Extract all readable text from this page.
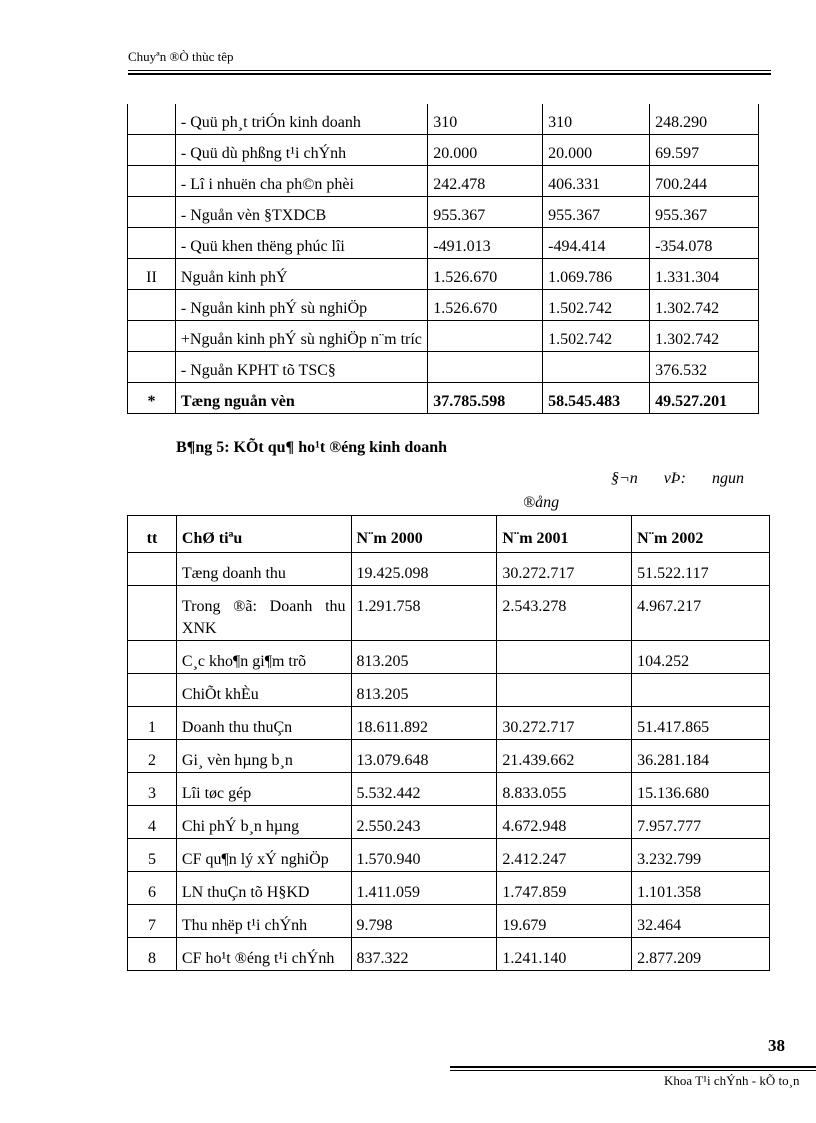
Chuyªn ®Ò thùc têp
	- Quü ph¸t triÓn kinh doanh	310	310	248.290
	- Quü dù phßng t¹i chÝnh	20.000	20.000	69.597
	- Lî i nhuën cha ph©n phèi	242.478	406.331	700.244
	- Nguån vèn §TXDCB	955.367	955.367	955.367
	- Quü khen thëng phúc lîi	-491.013	-494.414	-354.078
II	Nguån kinh phÝ	1.526.670	1.069.786	1.331.304
	- Nguån kinh phÝ sù nghiÖp	1.526.670	1.502.742	1.302.742
	+Nguån kinh phÝ sù nghiÖp n¨m tríc		1.502.742	1.302.742
	- Nguån KPHT tõ TSC§			376.532
*	Tæng nguån vèn	37.785.598	58.545.483	49.527.201
B¶ng 5: KÕt qu¶ ho¹t ®éng kinh doanh
§¬n vÞ: ngun
®ång
tt	ChØ tiªu	N¨m 2000	N¨m 2001	N¨m 2002
	Tæng doanh thu	19.425.098	30.272.717	51.522.117
	Trong ®ã: Doanh thu XNK	1.291.758	2.543.278	4.967.217
	C¸c kho¶n gi¶m trõ	813.205		104.252
	ChiÕt khÈu	813.205		
1	Doanh thu thuÇn	18.611.892	30.272.717	51.417.865
2	Gi¸ vèn hµng b¸n	13.079.648	21.439.662	36.281.184
3	Lîi tøc gép	5.532.442	8.833.055	15.136.680
4	Chi phÝ b¸n hµng	2.550.243	4.672.948	7.957.777
5	CF qu¶n lý xÝ nghiÖp	1.570.940	2.412.247	3.232.799
6	LN thuÇn tõ H§KD	1.411.059	1.747.859	1.101.358
7	Thu nhëp t¹i chÝnh	9.798	19.679	32.464
8	CF ho¹t ®éng t¹i chÝnh	837.322	1.241.140	2.877.209
38
Khoa T¹i chÝnh - kÕ to¸n
